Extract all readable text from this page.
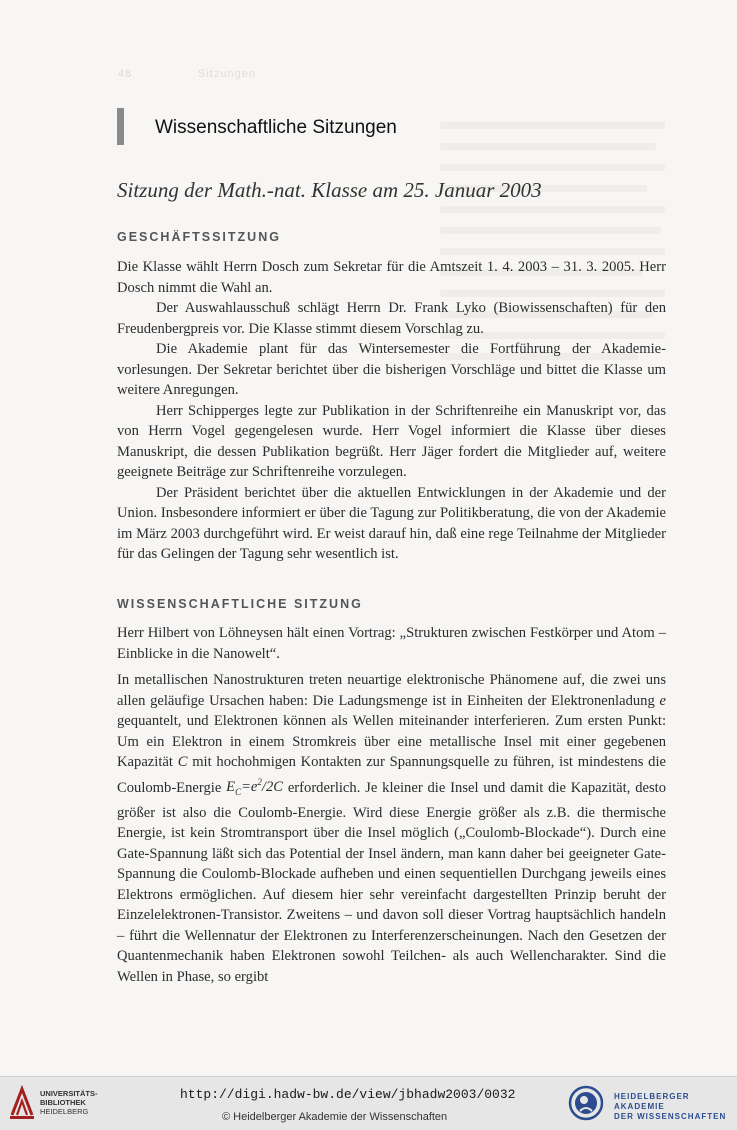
48	Sitzungen
Wissenschaftliche Sitzungen
Sitzung der Math.-nat. Klasse am 25. Januar 2003
GESCHÄFTSSITZUNG

Die Klasse wählt Herrn Dosch zum Sekretar für die Amtszeit 1. 4. 2003 – 31. 3. 2005. Herr Dosch nimmt die Wahl an.

Der Auswahlausschuß schlägt Herrn Dr. Frank Lyko (Biowissenschaften) für den Freudenbergpreis vor. Die Klasse stimmt diesem Vorschlag zu.

Die Akademie plant für das Wintersemester die Fortführung der Akademie-vorlesungen. Der Sekretar berichtet über die bisherigen Vorschläge und bittet die Klasse um weitere Anregungen.

Herr Schipperges legte zur Publikation in der Schriftenreihe ein Manuskript vor, das von Herrn Vogel gegengelesen wurde. Herr Vogel informiert die Klasse über dieses Manuskript, die dessen Publikation begrüßt. Herr Jäger fordert die Mitglieder auf, weitere geeignete Beiträge zur Schriftenreihe vorzulegen.

Der Präsident berichtet über die aktuellen Entwicklungen in der Akademie und der Union. Insbesondere informiert er über die Tagung zur Politikberatung, die von der Akademie im März 2003 durchgeführt wird. Er weist darauf hin, daß eine rege Teilnahme der Mitglieder für das Gelingen der Tagung sehr wesentlich ist.

WISSENSCHAFTLICHE SITZUNG

Herr Hilbert von Löhneysen hält einen Vortrag: „Strukturen zwischen Festkörper und Atom – Einblicke in die Nanowelt“.

In metallischen Nanostrukturen treten neuartige elektronische Phänomene auf, die zwei uns allen geläufige Ursachen haben: Die Ladungsmenge ist in Einheiten der Elektronenladung e gequantelt, und Elektronen können als Wellen miteinander interferieren. Zum ersten Punkt: Um ein Elektron in einem Stromkreis über eine metallische Insel mit einer gegebenen Kapazität C mit hochohmigen Kontakten zur Spannungsquelle zu führen, ist mindestens die Coulomb-Energie $E_C=e^2/2C$ erforderlich. Je kleiner die Insel und damit die Kapazität, desto größer ist also die Coulomb-Energie. Wird diese Energie größer als z.B. die thermische Energie, ist kein Stromtransport über die Insel möglich („Coulomb-Blockade“). Durch eine Gate-Spannung läßt sich das Potential der Insel ändern, man kann daher bei geeigneter Gate-Spannung die Coulomb-Blockade aufheben und einen sequentiellen Durchgang jeweils eines Elektrons ermöglichen. Auf diesem hier sehr vereinfacht dargestellten Prinzip beruht der Einzelelektronen-Transistor. Zweitens – und davon soll dieser Vortrag hauptsächlich handeln – führt die Wellennatur der Elektronen zu Interferenzerscheinungen. Nach den Gesetzen der Quantenmechanik haben Elektronen sowohl Teilchen- als auch Wellencharakter. Sind die Wellen in Phase, so ergibt

UNIVERSITÄTS-
BIBLIOTHEK
HEIDELBERG
http://digi.hadw-bw.de/view/jbhadw2003/0032
© Heidelberger Akademie der Wissenschaften
HEIDELBERGER AKADEMIE
DER WISSENSCHAFTEN
